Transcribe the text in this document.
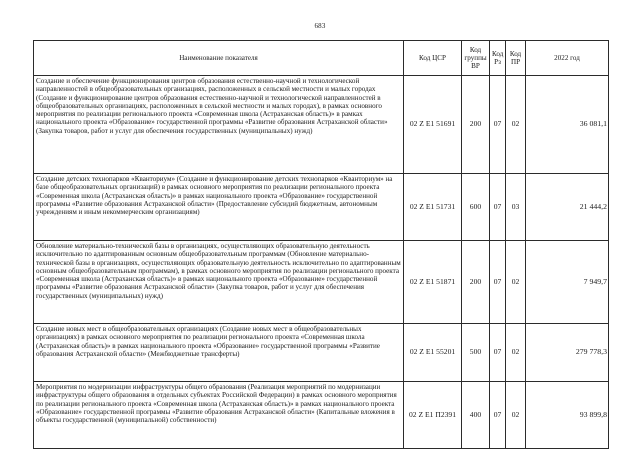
683
Наименование показателя	Код ЦСР	Код группы ВР	Код Рз	Код ПР	2022 год
Создание и обеспечение функционирования центров образования естественно-научной и технологической направленностей в общеобразовательных организациях, расположенных в сельской местности и малых городах (Создание и функционирование центров образования естественно-научной и технологической направленностей в общеобразовательных организациях, расположенных в сельской местности и малых городах), в рамках основного мероприятия по реализации регионального проекта «Современная школа (Астраханская область)» в рамках национального проекта «Образование» государственной программы «Развитие образования Астраханской области» (Закупка товаров, работ и услуг для обеспечения государственных (муниципальных) нужд)	02 Z E1 51691	200	07	02	36 081,1
Создание детских технопарков «Кванториум» (Создание и функционирование детских технопарков «Кванториум» на базе общеобразовательных организаций) в рамках основного мероприятия по реализации регионального проекта «Современная школа (Астраханская область)» в рамках национального проекта «Образование» государственной программы «Развитие образования Астраханской области» (Предоставление субсидий бюджетным, автономным учреждениям и иным некоммерческим организациям)	02 Z E1 51731	600	07	03	21 444,2
Обновление материально-технической базы в организациях, осуществляющих образовательную деятельность исключительно по адаптированным основным общеобразовательным программам (Обновление материально-технической базы в организациях, осуществляющих образовательную деятельность исключительно по адаптированным основным общеобразовательным программам), в рамках основного мероприятия по реализации регионального проекта «Современная школа (Астраханская область)» в рамках национального проекта «Образование» государственной программы «Развитие образования Астраханской области» (Закупка товаров, работ и услуг для обеспечения государственных (муниципальных) нужд)	02 Z E1 51871	200	07	02	7 949,7
Создание новых мест в общеобразовательных организациях (Создание новых мест в общеобразовательных организациях) в рамках основного мероприятия по реализации регионального проекта «Современная школа (Астраханская область)» в рамках национального проекта «Образование» государственной программы «Развитие образования Астраханской области» (Межбюджетные трансферты)	02 Z E1 55201	500	07	02	279 778,3
Мероприятия по модернизации инфраструктуры общего образования (Реализация мероприятий по модернизации инфраструктуры общего образования в отдельных субъектах Российской Федерации) в рамках основного мероприятия по реализации регионального проекта «Современная школа (Астраханская область)» в рамках национального проекта «Образование» государственной программы «Развитие образования Астраханской области» (Капитальные вложения в объекты государственной (муниципальной) собственности)	02 Z E1 П2391	400	07	02	93 899,8
